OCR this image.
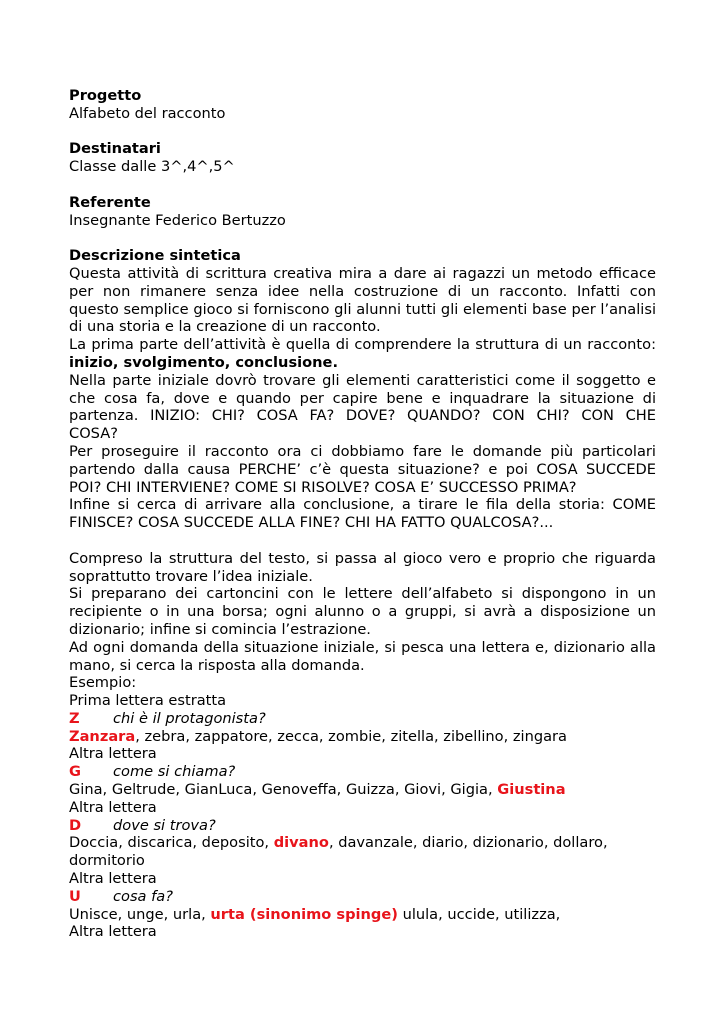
Progetto
Alfabeto del racconto
Destinatari
Classe dalle 3^,4^,5^
Referente
Insegnante Federico Bertuzzo
Descrizione sintetica
Questa attività di scrittura creativa mira a dare ai ragazzi un metodo efficace
per non rimanere senza idee nella costruzione di un racconto. Infatti con
questo semplice gioco si forniscono gli alunni tutti gli elementi base per l’analisi
di una storia e la creazione di un racconto.
La prima parte dell’attività è quella di comprendere la struttura di un racconto:
inizio, svolgimento, conclusione.
Nella parte iniziale dovrò trovare gli elementi caratteristici come il soggetto e
che cosa fa, dove e quando per capire bene e inquadrare la situazione di
partenza. INIZIO: CHI? COSA FA? DOVE? QUANDO? CON CHI? CON CHE
COSA?
Per proseguire il racconto ora ci dobbiamo fare le domande più particolari
partendo dalla causa PERCHE’ c’è questa situazione? e poi COSA SUCCEDE
POI? CHI INTERVIENE? COME SI RISOLVE? COSA E’ SUCCESSO PRIMA?
Infine si cerca di arrivare alla conclusione, a tirare le fila della storia: COME
FINISCE? COSA SUCCEDE ALLA FINE? CHI HA FATTO QUALCOSA?...
Compreso la struttura del testo, si passa al gioco vero e proprio che riguarda
soprattutto trovare l’idea iniziale.
Si preparano dei cartoncini con le lettere dell’alfabeto si dispongono in un
recipiente o in una borsa; ogni alunno o a gruppi, si avrà a disposizione un
dizionario; infine si comincia l’estrazione.
Ad ogni domanda della situazione iniziale, si pesca una lettera e, dizionario alla
mano, si cerca la risposta alla domanda.
Esempio:
Prima lettera estratta
Z	chi è il protagonista?
Zanzara, zebra, zappatore, zecca, zombie, zitella, zibellino, zingara
Altra lettera
G	come si chiama?
Gina, Geltrude, GianLuca, Genoveffa, Guizza, Giovi, Gigia, Giustina
Altra lettera
D	dove si trova?
Doccia, discarica, deposito, divano, davanzale, diario, dizionario, dollaro,
dormitorio
Altra lettera
U	cosa fa?
Unisce, unge, urla, urta (sinonimo spinge) ulula, uccide, utilizza,
Altra lettera
